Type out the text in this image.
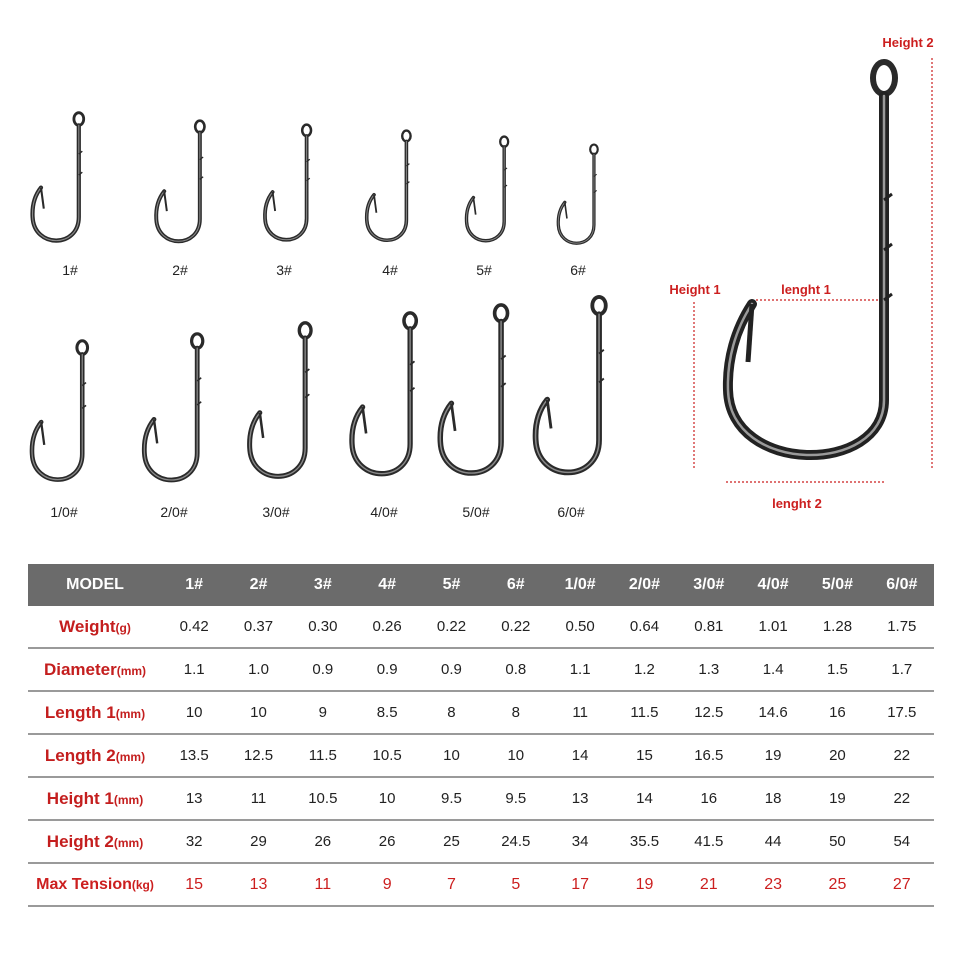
1#	2#	3#	4#	5#	6#
1/0#	2/0#	3/0#	4/0#	5/0#	6/0#
Height 2
Height 1	lenght 1
lenght 2
MODEL	1#	2#	3#	4#	5#	6#	1/0#	2/0#	3/0#	4/0#	5/0#	6/0#
Weight(g)	0.42	0.37	0.30	0.26	0.22	0.22	0.50	0.64	0.81	1.01	1.28	1.75
Diameter(mm)	1.1	1.0	0.9	0.9	0.9	0.8	1.1	1.2	1.3	1.4	1.5	1.7
Length 1(mm)	10	10	9	8.5	8	8	11	11.5	12.5	14.6	16	17.5
Length 2(mm)	13.5	12.5	11.5	10.5	10	10	14	15	16.5	19	20	22
Height 1(mm)	13	11	10.5	10	9.5	9.5	13	14	16	18	19	22
Height 2(mm)	32	29	26	26	25	24.5	34	35.5	41.5	44	50	54
Max Tension(kg)	15	13	11	9	7	5	17	19	21	23	25	27
